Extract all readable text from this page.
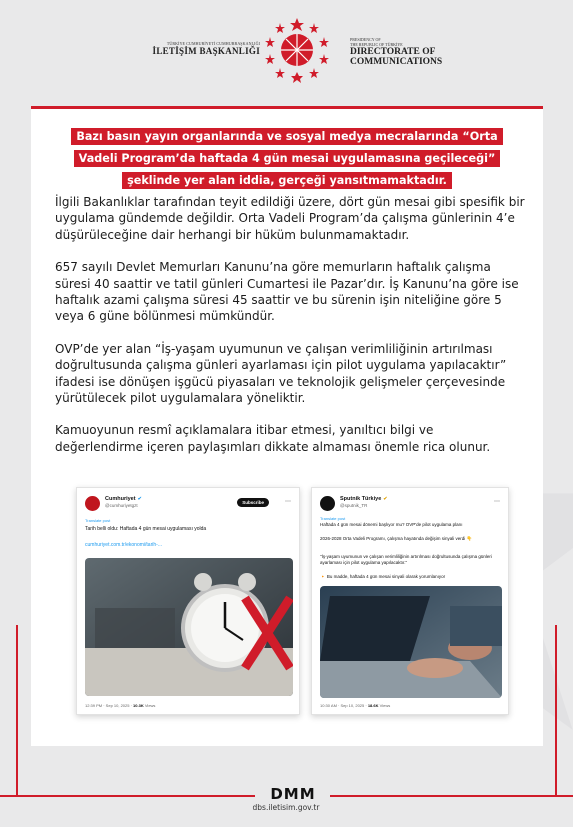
TÜRKİYE CUMHURİYETİ CUMHURBAŞKANLIĞI
İLETİŞİM BAŞKANLIĞI
PRESIDENCY OF
THE REPUBLIC OF TÜRKİYE
DIRECTORATE OF
COMMUNICATIONS
Bazı basın yayın organlarında ve sosyal medya mecralarında “Orta
Vadeli Program’da haftada 4 gün mesai uygulamasına geçileceği”
şeklinde yer alan iddia, gerçeği yansıtmamaktadır.

İlgili Bakanlıklar tarafından teyit edildiği üzere, dört gün mesai gibi spesifik bir uygulama gündemde değildir. Orta Vadeli Program’da çalışma günlerinin 4’e düşürüleceğine dair herhangi bir hüküm bulunmamaktadır.

657 sayılı Devlet Memurları Kanunu’na göre memurların haftalık çalışma süresi 40 saattir ve tatil günleri Cumartesi ile Pazar’dır. İş Kanunu’na göre ise haftalık azami çalışma süresi 45 saattir ve bu sürenin işin niteliğine göre 5 veya 6 güne bölünmesi mümkündür.

OVP’de yer alan “İş-yaşam uyumunun ve çalışan verimliliğinin artırılması doğrultusunda çalışma günleri ayarlaması için pilot uygulama yapılacaktır” ifadesi ise dönüşen işgücü piyasaları ve teknolojik gelişmeler çerçevesinde yürütülecek pilot uygulamalara yöneliktir.

Kamuoyunun resmî açıklamalara itibar etmesi, yanıltıcı bilgi ve değerlendirme içeren paylaşımları dikkate almaması önemle rica olunur.

Cumhuriyet ✔
@cumhuriyetgzt
Subscribe	⋯
Translate post
Tarih belli oldu: Haftada 4 gün mesai uygulaması yolda
cumhuriyet.com.tr/ekonomi/tarih-...
12:39 PM · Sep 10, 2025 · 10.3K Views
Sputnik Türkiye ✔
@sputnik_TR
⋯
Translate post
Haftada 4 gün mesai dönemi başlıyor mu? OVP'de pilot uygulama planı
2026-2028 Orta Vadeli Programı, çalışma hayatında değişim sinyali verdi 👇
"İş-yaşam uyumunun ve çalışan verimliliğinin artırılması doğrultusunda çalışma günleri ayarlaması için pilot uygulama yapılacaktır."
🔸 Bu madde, haftada 4 gün mesai sinyali olarak yorumlanıyor
10:30 AM · Sep 10, 2025 · 18.6K Views
DMM
dbs.iletisim.gov.tr
